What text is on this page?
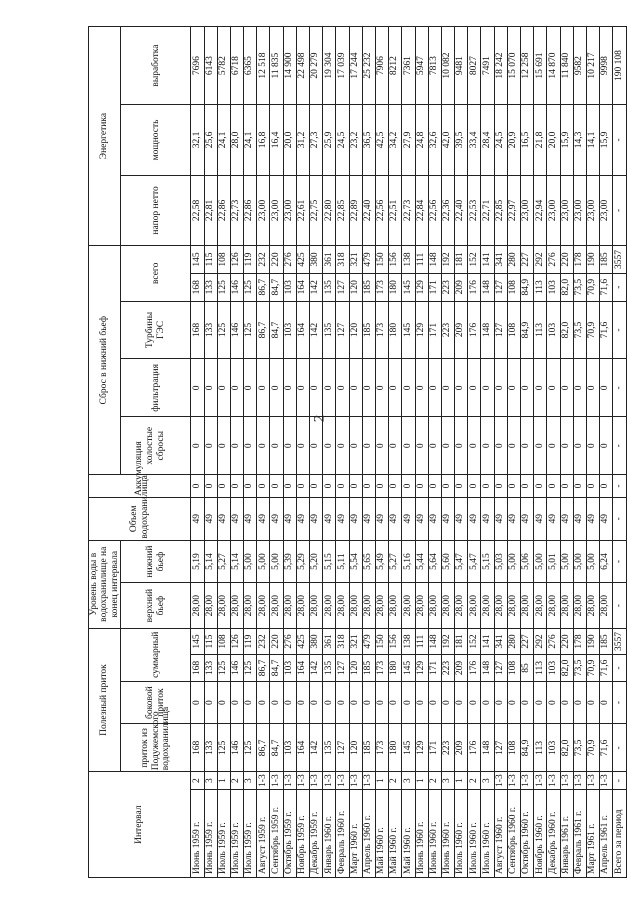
2
Интервал		Полезный приток				Уровень воды в водохранилище на конец интервала		Объем водохранилища	Аккумуляция	Сброс в нижний бьеф					Энергетика		
		приток из Подужемского водохранилища	боковой приток	суммарный		верхний бьеф	нижний бьеф			холостые сбросы	фильтрация	Турбины ГЭС	всего		напор нетто	мощность	выработка
Июнь 1959 г.	2	168	0	168	145	28,00	5,19	49	0	0	0	168	168	145	22,58	32,1	7696
Июнь 1959 г.	3	133	0	133	115	28,00	5,14	49	0	0	0	133	133	115	22,81	25,6	6143
Июль 1959 г.	1	125	0	125	108	28,00	5,27	49	0	0	0	125	125	108	22,86	24,1	5782
Июль 1959 г.	2	146	0	146	126	28,00	5,14	49	0	0	0	146	146	126	22,73	28,0	6718
Июль 1959 г.	3	125	0	125	119	28,00	5,00	49	0	0	0	125	125	119	22,86	24,1	6365
Август 1959 г.	1-3	86,7	0	86,7	232	28,00	5,00	49	0	0	0	86,7	86,7	232	23,00	16,8	12 518
Сентябрь 1959 г.	1-3	84,7	0	84,7	220	28,00	5,00	49	0	0	0	84,7	84,7	220	23,00	16,4	11 835
Октябрь 1959 г.	1-3	103	0	103	276	28,00	5,39	49	0	0	0	103	103	276	23,00	20,0	14 900
Ноябрь 1959 г.	1-3	164	0	164	425	28,00	5,29	49	0	0	0	164	164	425	22,61	31,2	22 498
Декабрь 1959 г.	1-3	142	0	142	380	28,00	5,20	49	0	0	0	142	142	380	22,75	27,3	20 279
Январь 1960 г.	1-3	135	0	135	361	28,00	5,15	49	0	0	0	135	135	361	22,80	25,9	19 304
Февраль 1960 г.	1-3	127	0	127	318	28,00	5,11	49	0	0	0	127	127	318	22,85	24,5	17 039
Март 1960 г.	1-3	120	0	120	321	28,00	5,54	49	0	0	0	120	120	321	22,89	23,2	17 244
Апрель 1960 г.	1-3	185	0	185	479	28,00	5,65	49	0	0	0	185	185	479	22,40	36,5	25 232
Май 1960 г.	1	173	0	173	150	28,00	5,49	49	0	0	0	173	173	150	22,56	42,5	7906
Май 1960 г.	2	180	0	180	156	28,00	5,27	49	0	0	0	180	180	156	22,51	34,2	8212
Май 1960 г.	3	145	0	145	138	28,00	5,16	49	0	0	0	145	145	138	22,73	27,9	7361
Июнь 1960 г.	1	129	0	129	111	28,00	5,44	49	0	0	0	129	129	111	22,84	24,8	5947
Июнь 1960 г.	2	171	0	171	148	28,00	5,64	49	0	0	0	171	171	148	22,56	32,6	7813
Июнь 1960 г.	3	223	0	223	192	28,00	5,60	49	0	0	0	223	223	192	22,36	42,0	10 082
Июль 1960 г.	1	209	0	209	181	28,00	5,47	49	0	0	0	209	209	181	22,40	39,5	9481
Июль 1960 г.	2	176	0	176	152	28,00	5,47	49	0	0	0	176	176	152	22,53	33,4	8027
Июль 1960 г.	3	148	0	148	141	28,00	5,15	49	0	0	0	148	148	141	22,71	28,4	7491
Август 1960 г.	1-3	127	0	127	341	28,00	5,03	49	0	0	0	127	127	341	22,85	24,5	18 242
Сентябрь 1960 г.	1-3	108	0	108	280	28,00	5,00	49	0	0	0	108	108	280	22,97	20,9	15 070
Октябрь 1960 г.	1-3	84,9	0	85	227	28,00	5,06	49	0	0	0	84,9	84,9	227	23,00	16,5	12 258
Ноябрь 1960 г.	1-3	113	0	113	292	28,00	5,00	49	0	0	0	113	113	292	22,94	21,8	15 691
Декабрь 1960 г.	1-3	103	0	103	276	28,00	5,01	49	0	0	0	103	103	276	23,00	20,0	14 870
Январь 1961 г.	1-3	82,0	0	82,0	220	28,00	5,00	49	0	0	0	82,0	82,0	220	23,00	15,9	11 840
Февраль 1961 г.	1-3	73,5	0	73,5	178	28,00	5,00	49	0	0	0	73,5	73,5	178	23,00	14,3	9582
Март 1961 г.	1-3	70,9	0	70,9	190	28,00	5,00	49	0	0	0	70,9	70,9	190	23,00	14,1	10 217
Апрель 1961 г.	1-3	71,6	0	71,6	185	28,00	6,24	49	0	0	0	71,6	71,6	185	23,00	15,9	9998
Всего за период	-	-	-	-	3557	-	-	-	-	-	-	-	-	3557	-	-	190 108
